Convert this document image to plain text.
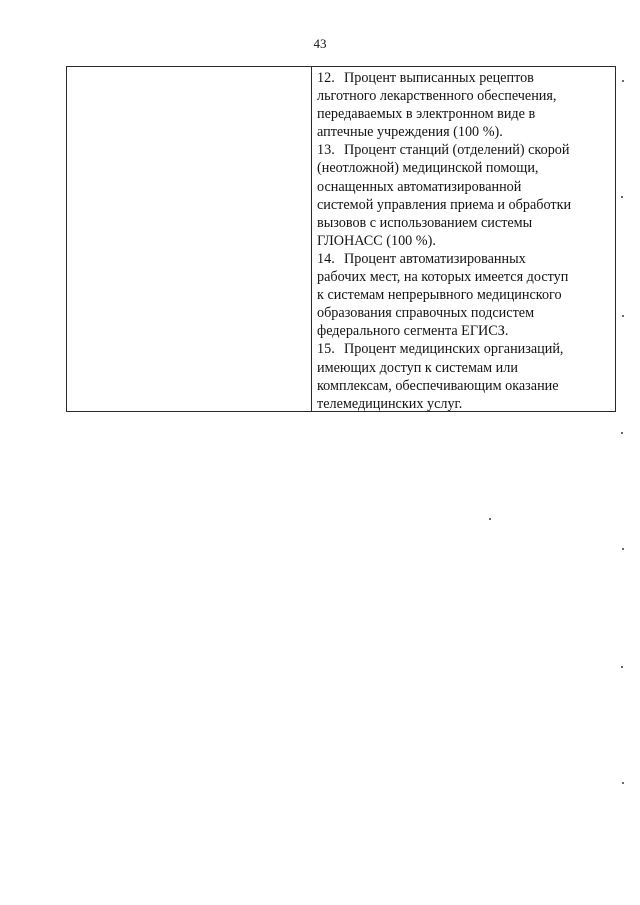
43
12. Процент выписанных рецептов
льготного лекарственного обеспечения,
передаваемых в электронном виде в
аптечные учреждения (100 %).
13. Процент станций (отделений) скорой
(неотложной) медицинской помощи,
оснащенных автоматизированной
системой управления приема и обработки
вызовов с использованием системы
ГЛОНАСС (100 %).
14. Процент автоматизированных
рабочих мест, на которых имеется доступ
к системам непрерывного медицинского
образования справочных подсистем
федерального сегмента ЕГИСЗ.
15. Процент медицинских организаций,
имеющих доступ к системам или
комплексам, обеспечивающим оказание
телемедицинских услуг.
